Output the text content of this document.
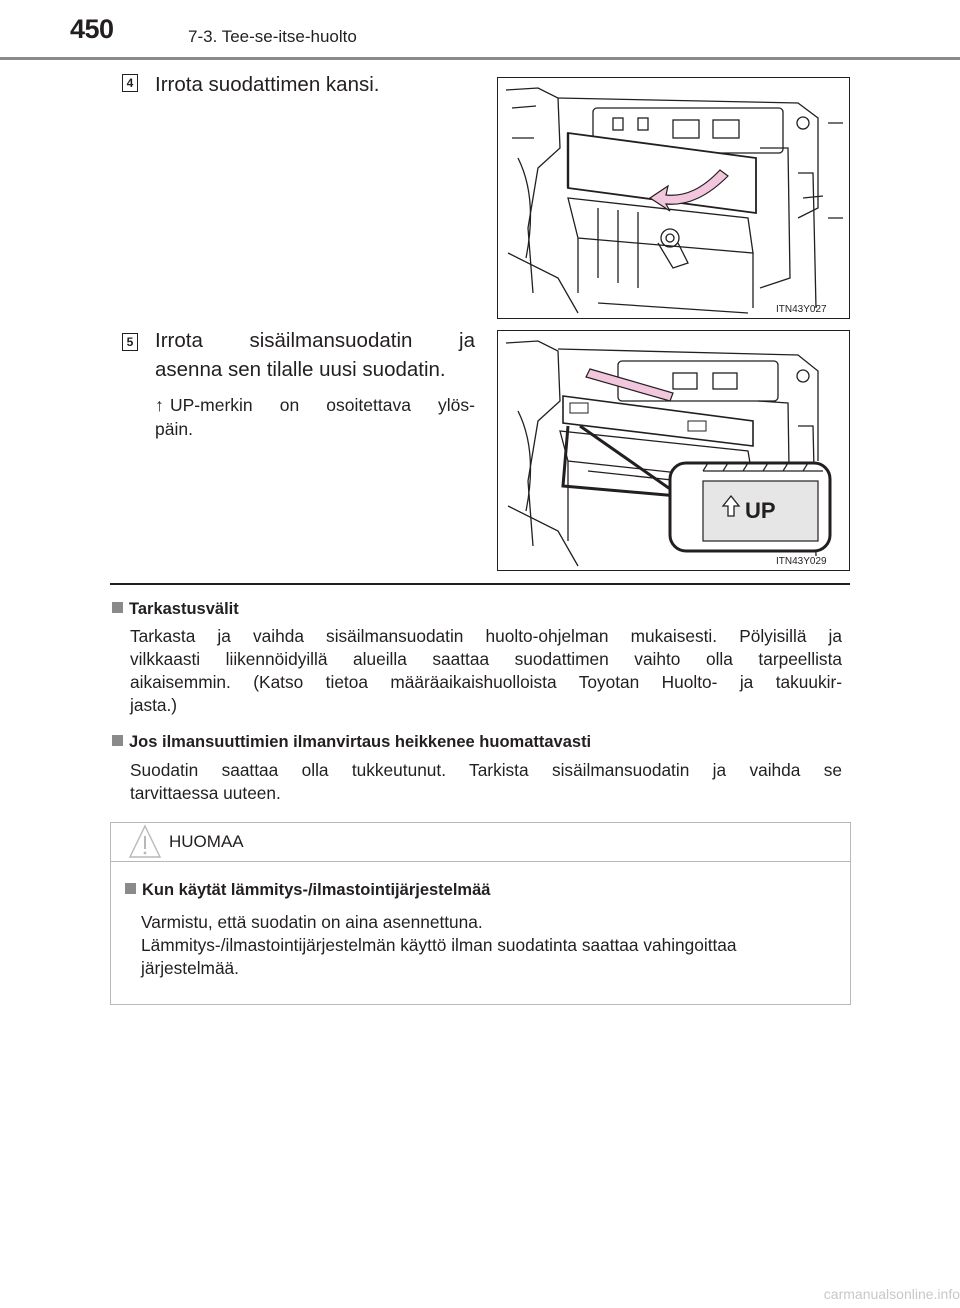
450	7-3. Tee-se-itse-huolto
4 Irrota suodattimen kansi.
ITN43Y027
5 Irrota sisäilmansuodatin ja
asenna sen tilalle uusi suodatin.
↑ UP-merkin on osoitettava ylös-
päin.
UP
ITN43Y029
Tarkastusvälit
Tarkasta ja vaihda sisäilmansuodatin huolto-ohjelman mukaisesti. Pölyisillä ja
vilkkaasti liikennöidyillä alueilla saattaa suodattimen vaihto olla tarpeellista
aikaisemmin. (Katso tietoa määräaikaishuolloista Toyotan Huolto- ja takuukir-
jasta.)
Jos ilmansuuttimien ilmanvirtaus heikkenee huomattavasti
Suodatin saattaa olla tukkeutunut. Tarkista sisäilmansuodatin ja vaihda se
tarvittaessa uuteen.
HUOMAA
Kun käytät lämmitys-/ilmastointijärjestelmää
Varmistu, että suodatin on aina asennettuna.
Lämmitys-/ilmastointijärjestelmän käyttö ilman suodatinta saattaa vahingoittaa
järjestelmää.
carmanualsonline.info
